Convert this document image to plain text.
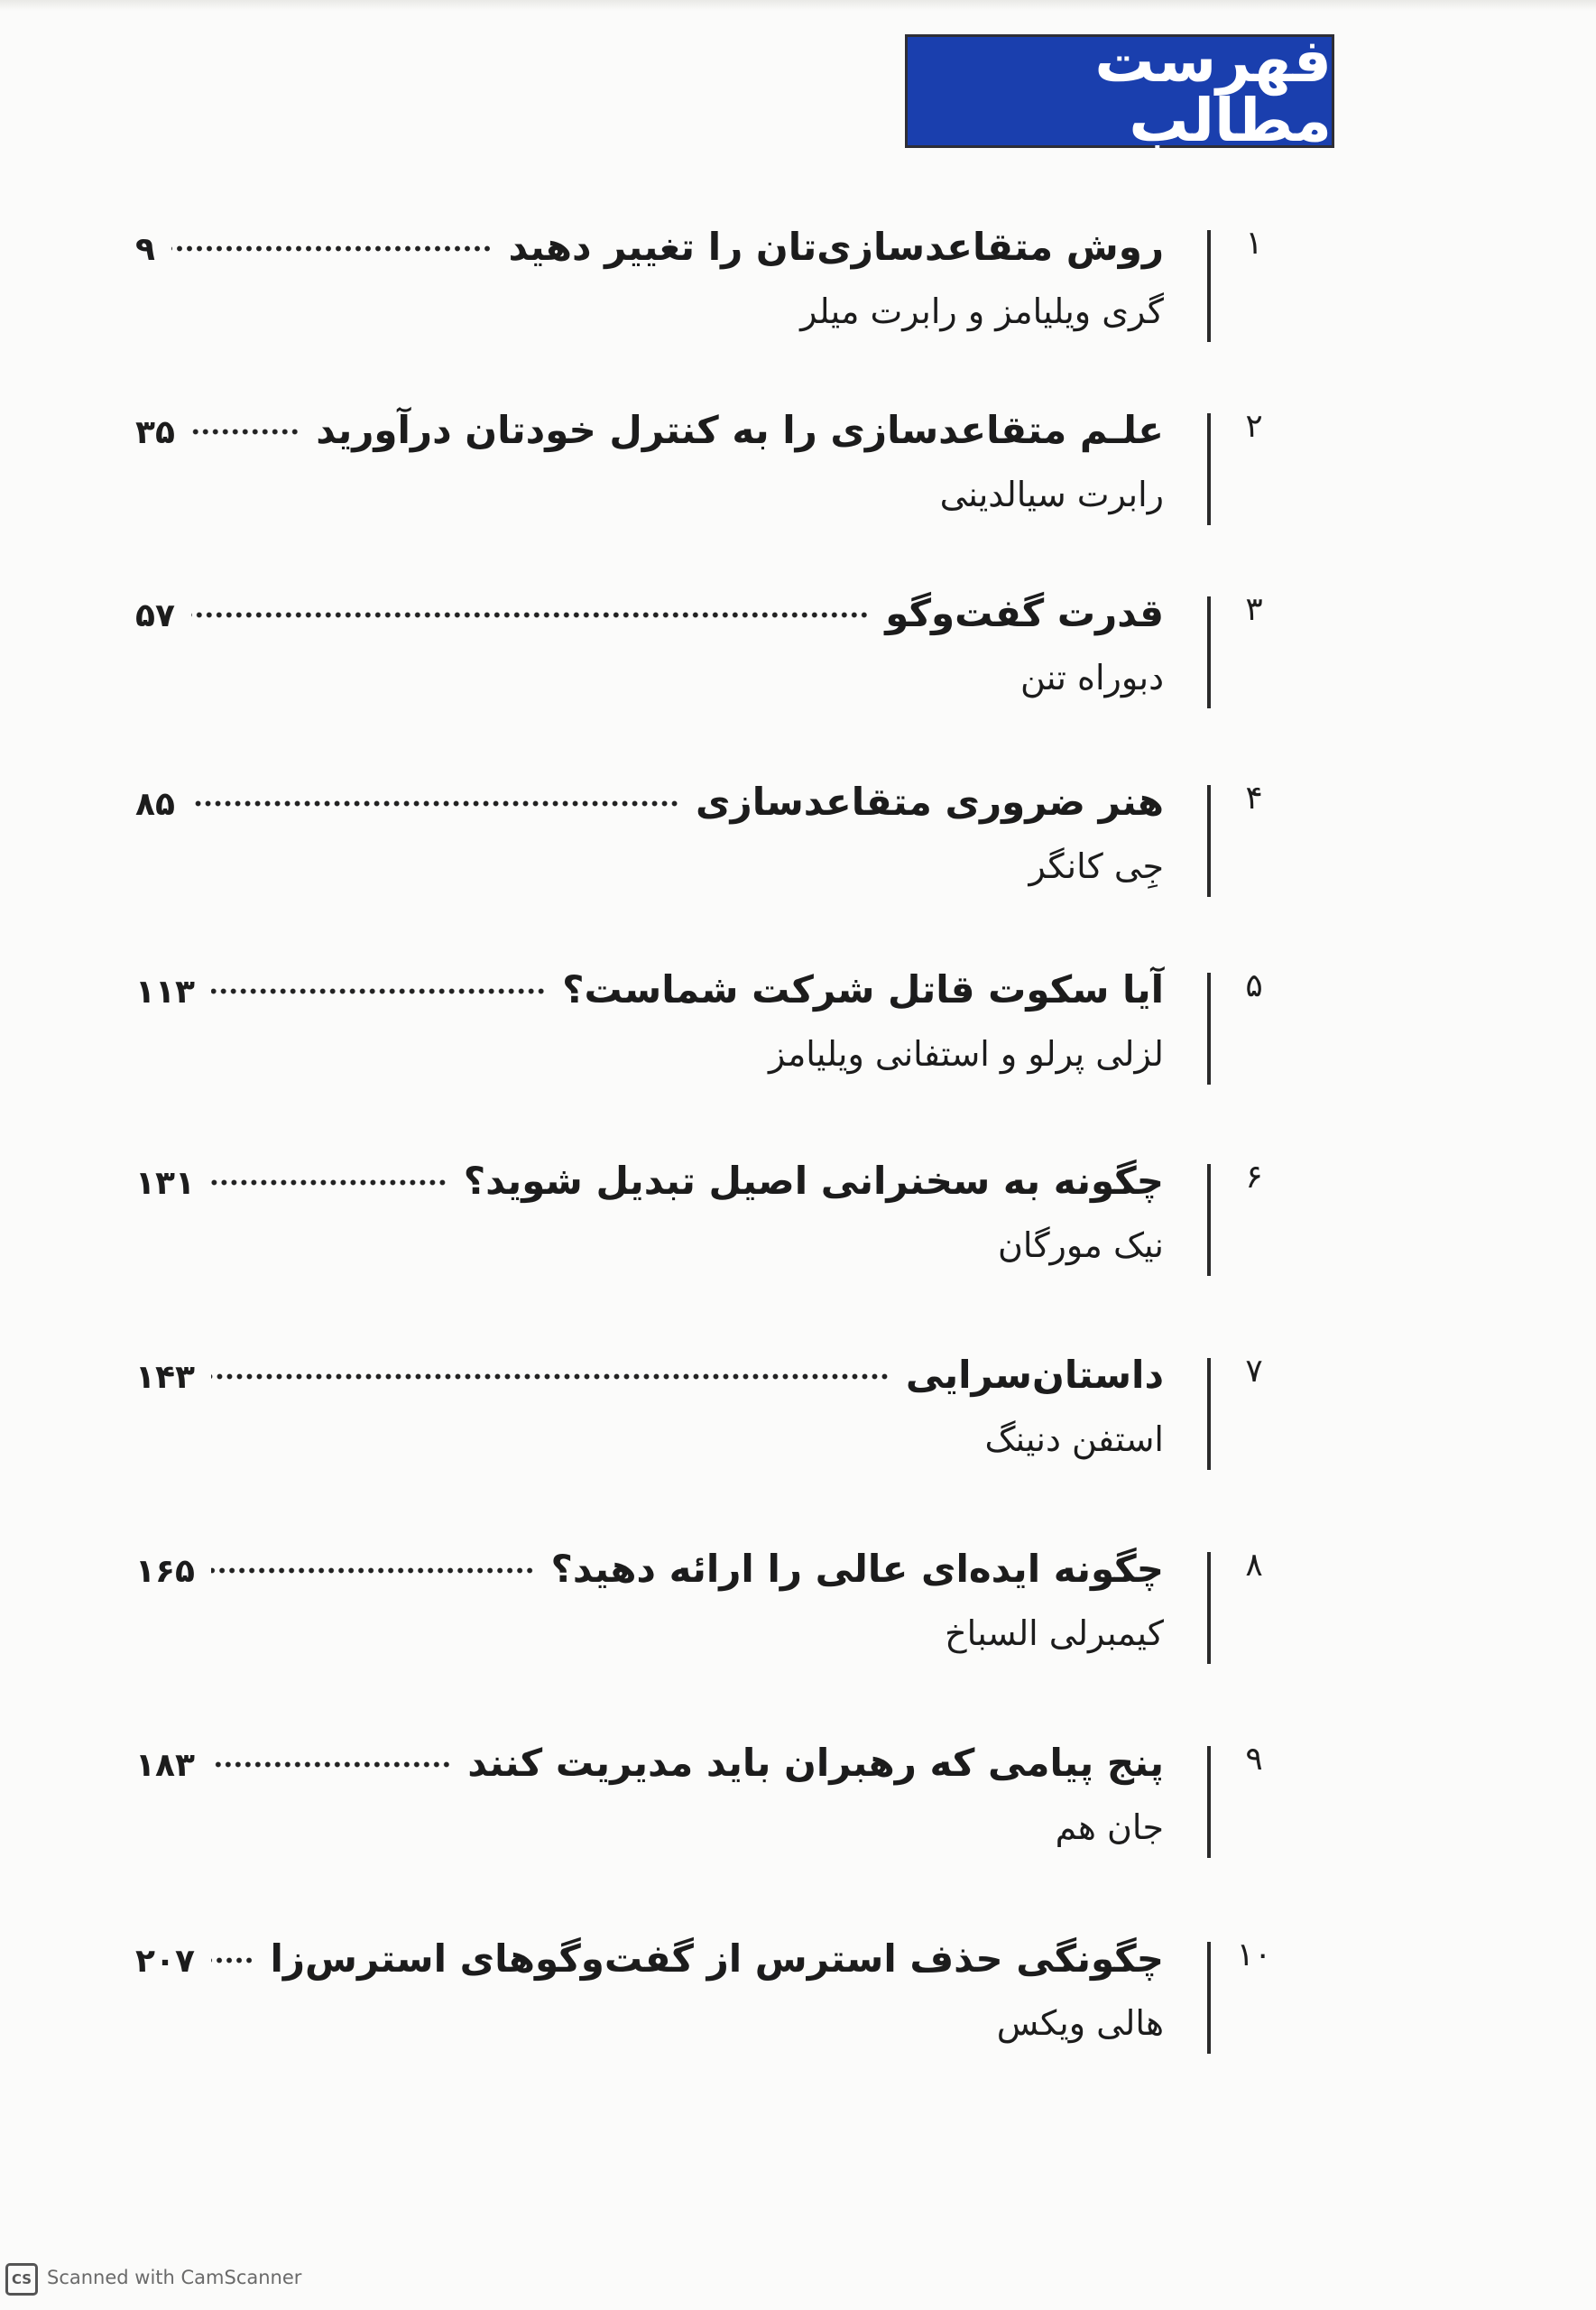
فهرست مطالب
۱
روش متقاعدسازی‌تان را تغییر دهید
۹
گری ویلیامز و رابرت میلر
۲
علـم متقاعدسازی را به کنترل خودتان درآورید
۳۵
رابرت سیالدینی
۳
قدرت گفت‌وگو
۵۷
دبوراه تنن
۴
هنر ضروری متقاعدسازی
۸۵
جِی کانگر
۵
آیا سکوت قاتل شرکت شماست؟
۱۱۳
لزلی پرلو و استفانی ویلیامز
۶
چگونه به سخنرانی اصیل تبدیل شوید؟
۱۳۱
نیک مورگان
۷
داستان‌سرایی
۱۴۳
استفن دنینگ
۸
چگونه ایده‌ای عالی را ارائه دهید؟
۱۶۵
کیمبرلی السباخ
۹
پنج پیامی که رهبران باید مدیریت کنند
۱۸۳
جان هم
۱۰
چگونگی حذف استرس از گفت‌وگوهای استرس‌زا
۲۰۷
هالی ویکس
CS Scanned with CamScanner
